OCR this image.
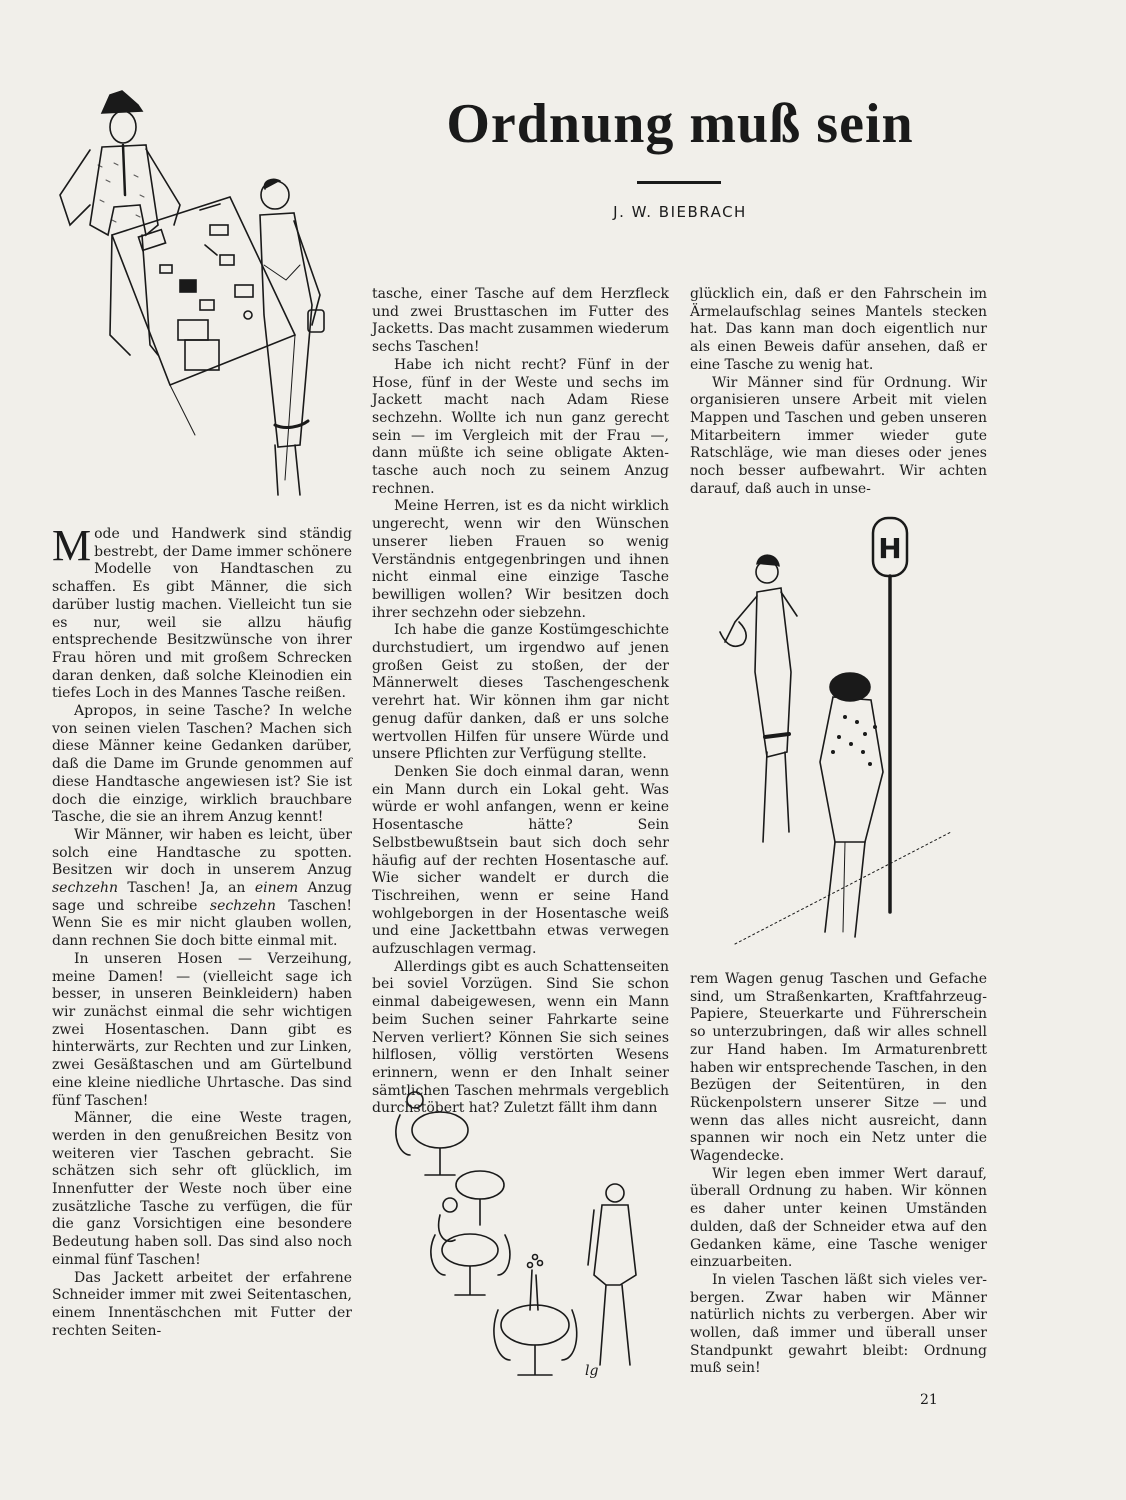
Ordnung muß sein
J. W. BIEBRACH

Mode und Handwerk sind ständig bestrebt, der Dame immer schönere Modelle von Handtaschen zu schaffen. Es gibt Männer, die sich darüber lustig machen. Vielleicht tun sie es nur, weil sie allzu häufig entsprechende Besitzwünsche von ihrer Frau hören und mit großem Schrecken daran denken, daß solche Kleinodien ein tiefes Loch in des Mannes Tasche reißen.

Apropos, in seine Tasche? In welche von seinen vielen Taschen? Machen sich diese Männer keine Gedanken darüber, daß die Dame im Grunde genommen auf diese Handtasche angewiesen ist? Sie ist doch die einzige, wirklich brauchbare Tasche, die sie an ihrem Anzug kennt!

Wir Männer, wir haben es leicht, über solch eine Handtasche zu spotten. Besitzen wir doch in unserem Anzug sechzehn Taschen! Ja, an einem Anzug sage und schreibe sechzehn Taschen! Wenn Sie es mir nicht glauben wollen, dann rechnen Sie doch bitte einmal mit.

In unseren Hosen — Verzeihung, meine Damen! — (vielleicht sage ich besser, in unseren Beinkleidern) haben wir zunächst einmal die sehr wichtigen zwei Hosentaschen. Dann gibt es hinterwärts, zur Rechten und zur Linken, zwei Gesäßtaschen und am Gürtelbund eine kleine niedliche Uhrtasche. Das sind fünf Taschen!

Männer, die eine Weste tragen, werden in den genußreichen Besitz von weiteren vier Taschen gebracht. Sie schätzen sich sehr oft glücklich, im Innenfutter der Weste noch über eine zusätzliche Tasche zu verfügen, die für die ganz Vorsichtigen eine besondere Bedeutung haben soll. Das sind also noch einmal fünf Taschen!

Das Jackett arbeitet der erfahrene Schneider immer mit zwei Seitentaschen, einem Innentäschchen mit Futter der rechten Seiten-

tasche, einer Tasche auf dem Herzfleck und zwei Brusttaschen im Futter des Jacketts. Das macht zusammen wiederum sechs Taschen!

Habe ich nicht recht? Fünf in der Hose, fünf in der Weste und sechs im Jackett macht nach Adam Riese sechzehn. Wollte ich nun ganz gerecht sein — im Vergleich mit der Frau —, dann müßte ich seine obligate Aktentasche auch noch zu seinem Anzug rechnen.

Meine Herren, ist es da nicht wirklich ungerecht, wenn wir den Wünschen unserer lieben Frauen so wenig Verständnis entgegenbringen und ihnen nicht einmal eine einzige Tasche bewilligen wollen? Wir besitzen doch ihrer sechzehn oder siebzehn.

Ich habe die ganze Kostümgeschichte durchstudiert, um irgendwo auf jenen großen Geist zu stoßen, der der Männerwelt dieses Taschengeschenk verehrt hat. Wir können ihm gar nicht genug dafür danken, daß er uns solche wertvollen Hilfen für unsere Würde und unsere Pflichten zur Verfügung stellte.

Denken Sie doch einmal daran, wenn ein Mann durch ein Lokal geht. Was würde er wohl anfangen, wenn er keine Hosentasche hätte? Sein Selbstbewußtsein baut sich doch sehr häufig auf der rechten Hosentasche auf. Wie sicher wandelt er durch die Tischreihen, wenn er seine Hand wohlgeborgen in der Hosentasche weiß und eine Jackettbahn etwas verwegen aufzuschlagen vermag.

Allerdings gibt es auch Schattenseiten bei soviel Vorzügen. Sind Sie schon einmal dabeigewesen, wenn ein Mann beim Suchen seiner Fahrkarte seine Nerven verliert? Können Sie sich seines hilflosen, völlig verstörten Wesens erinnern, wenn er den Inhalt seiner sämtlichen Taschen mehrmals vergeblich durchstöbert hat? Zuletzt fällt ihm dann

glücklich ein, daß er den Fahrschein im Ärmelaufschlag seines Mantels stecken hat. Das kann man doch eigentlich nur als einen Beweis dafür ansehen, daß er eine Tasche zu wenig hat.

Wir Männer sind für Ordnung. Wir organisieren unsere Arbeit mit vielen Mappen und Taschen und geben unseren Mitarbeitern immer wieder gute Ratschläge, wie man dieses oder jenes noch besser aufbewahrt. Wir achten darauf, daß auch in unse-

H

rem Wagen genug Taschen und Gefache sind, um Straßenkarten, Kraftfahrzeug-Papiere, Steuerkarte und Führerschein so unterzubringen, daß wir alles schnell zur Hand haben. Im Armaturenbrett haben wir entsprechende Taschen, in den Bezügen der Seitentüren, in den Rückenpolstern unserer Sitze — und wenn das alles nicht ausreicht, dann spannen wir noch ein Netz unter die Wagendecke.

Wir legen eben immer Wert darauf, überall Ordnung zu haben. Wir können es daher unter keinen Umständen dulden, daß der Schneider etwa auf den Gedanken käme, eine Tasche weniger einzuarbeiten.

In vielen Taschen läßt sich vieles verbergen. Zwar haben wir Männer natürlich nichts zu verbergen. Aber wir wollen, daß immer und überall unser Standpunkt gewahrt bleibt: Ordnung muß sein!

lg
21
